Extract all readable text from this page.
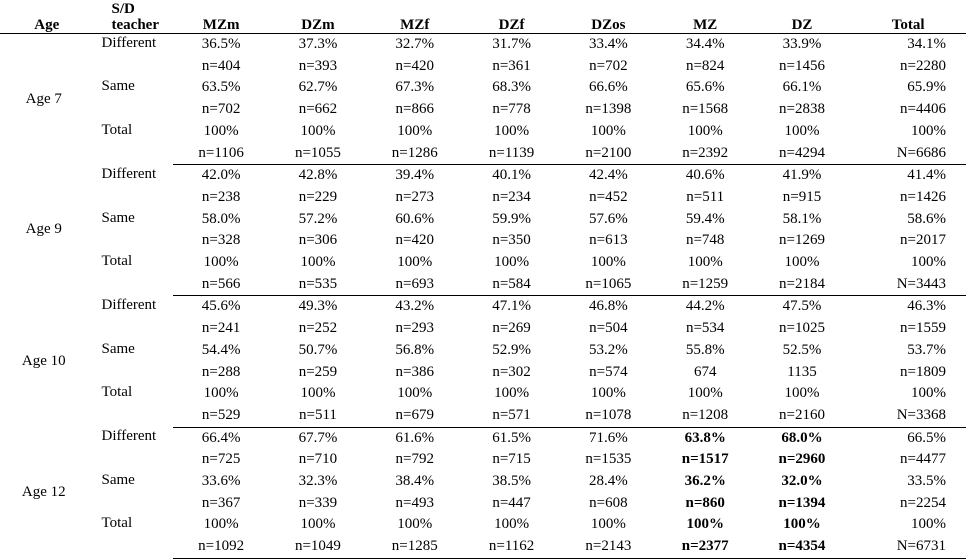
Age	S/D teacher	MZm	DZm	MZf	DZf	DZos	MZ	DZ	Total
Age 7	Different	36.5%	37.3%	32.7%	31.7%	33.4%	34.4%	33.9%	34.1%
		n=404	n=393	n=420	n=361	n=702	n=824	n=1456	n=2280
	Same	63.5%	62.7%	67.3%	68.3%	66.6%	65.6%	66.1%	65.9%
		n=702	n=662	n=866	n=778	n=1398	n=1568	n=2838	n=4406
	Total	100%	100%	100%	100%	100%	100%	100%	100%
		n=1106	n=1055	n=1286	n=1139	n=2100	n=2392	n=4294	N=6686
Age 9	Different	42.0%	42.8%	39.4%	40.1%	42.4%	40.6%	41.9%	41.4%
		n=238	n=229	n=273	n=234	n=452	n=511	n=915	n=1426
	Same	58.0%	57.2%	60.6%	59.9%	57.6%	59.4%	58.1%	58.6%
		n=328	n=306	n=420	n=350	n=613	n=748	n=1269	n=2017
	Total	100%	100%	100%	100%	100%	100%	100%	100%
		n=566	n=535	n=693	n=584	n=1065	n=1259	n=2184	N=3443
Age 10	Different	45.6%	49.3%	43.2%	47.1%	46.8%	44.2%	47.5%	46.3%
		n=241	n=252	n=293	n=269	n=504	n=534	n=1025	n=1559
	Same	54.4%	50.7%	56.8%	52.9%	53.2%	55.8%	52.5%	53.7%
		n=288	n=259	n=386	n=302	n=574	674	1135	n=1809
	Total	100%	100%	100%	100%	100%	100%	100%	100%
		n=529	n=511	n=679	n=571	n=1078	n=1208	n=2160	N=3368
Age 12	Different	66.4%	67.7%	61.6%	61.5%	71.6%	63.8%	68.0%	66.5%
		n=725	n=710	n=792	n=715	n=1535	n=1517	n=2960	n=4477
	Same	33.6%	32.3%	38.4%	38.5%	28.4%	36.2%	32.0%	33.5%
		n=367	n=339	n=493	n=447	n=608	n=860	n=1394	n=2254
	Total	100%	100%	100%	100%	100%	100%	100%	100%
		n=1092	n=1049	n=1285	n=1162	n=2143	n=2377	n=4354	N=6731
